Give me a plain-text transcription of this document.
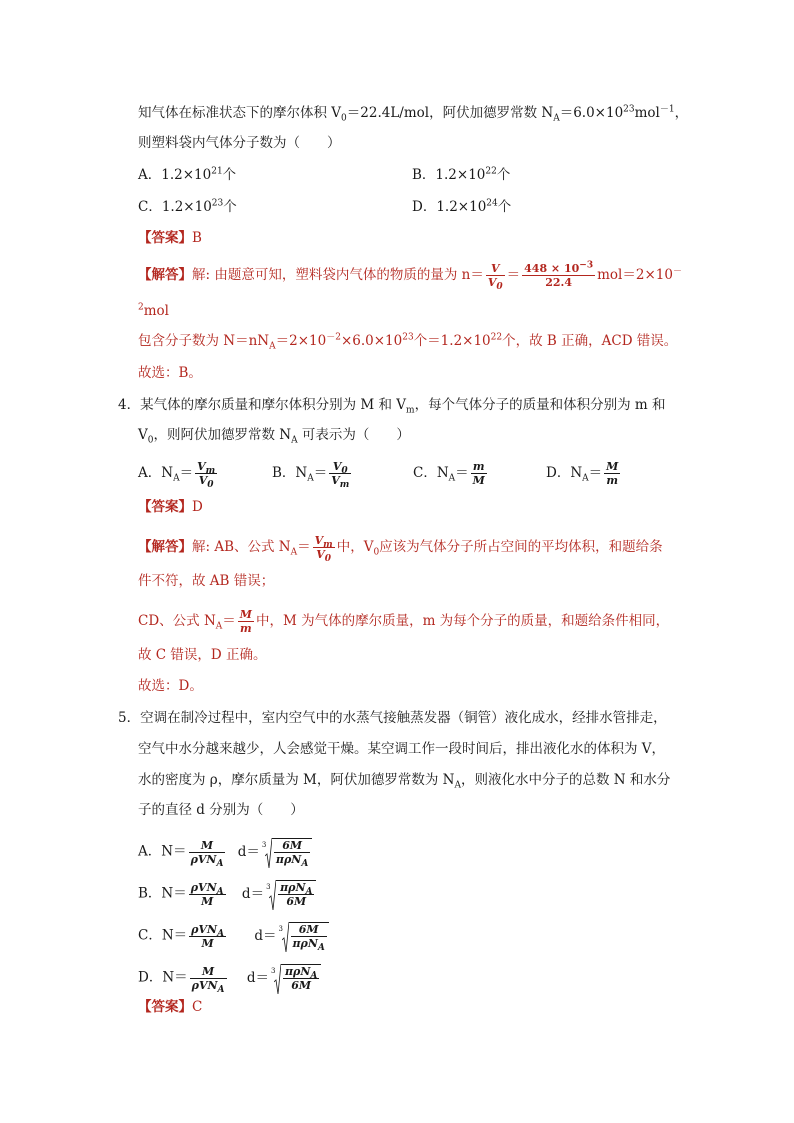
知气体在标准状态下的摩尔体积 $V_0=22.4L$/mol，阿伏加德罗常数 $N_A=6.0\times 10^{23}mol^{-1}$，
则塑料袋内气体分子数为（　　）
A．$1.2\times 10^{21}$个	B．$1.2\times 10^{22}$个
C．$1.2\times 10^{23}$个	D．$1.2\times 10^{24}$个
【答案】B
【解答】解: 由题意可知，塑料袋内气体的物质的量为 $n= \frac{V}{V_0} = \frac{448 \times 10^{-3}}{22.4} mol=2\times 10^-$
$^2$mol
包含分子数为 $N=nN_A=2\times 10^{-2}\times 6.0\times 10^{23}$个$=1.2\times 10^{22}$个，故 B 正确，ACD 错误。
故选：B。
4．某气体的摩尔质量和摩尔体积分别为 M 和 $V_m$，每个气体分子的质量和体积分别为 m 和
$V_0$，则阿伏加德罗常数 $N_A$ 可表示为（　　）
A．$N_A= \frac{V_m}{V_0}$	B．$N_A= \frac{V_0}{V_m}$	C．$N_A= \frac{m}{M}$	D．$N_A= \frac{M}{m}$
【答案】D
【解答】解: AB、公式 $N_A= \frac{V_m}{V_0}$ 中，$V_0$应该为气体分子所占空间的平均体积，和题给条
件不符，故 AB 错误；
CD、公式 $N_A= \frac{M}{m}$ 中，M 为气体的摩尔质量，m 为每个分子的质量，和题给条件相同，
故 C 错误，D 正确。
故选：D。
5．空调在制冷过程中，室内空气中的水蒸气接触蒸发器（铜管）液化成水，经排水管排走，
空气中水分越来越少，人会感觉干燥。某空调工作一段时间后，排出液化水的体积为 V，
水的密度为 ρ，摩尔质量为 M，阿伏加德罗常数为 $N_A$，则液化水中分子的总数 N 和水分
子的直径 d 分别为（　　）
A．$N= \frac{M}{\rho VN_A} d= 3 \frac{6M}{\pi\rho N_A}$
B．$N= \frac{\rho VN_A}{M} d= 3 \frac{\pi\rho N_A}{6M}$
C．$N= \frac{\rho VN_A}{M} d= 3 \frac{6M}{\pi\rho N_A}$
D．$N= \frac{M}{\rho VN_A} d= 3 \frac{\pi\rho N_A}{6M}$
【答案】C
